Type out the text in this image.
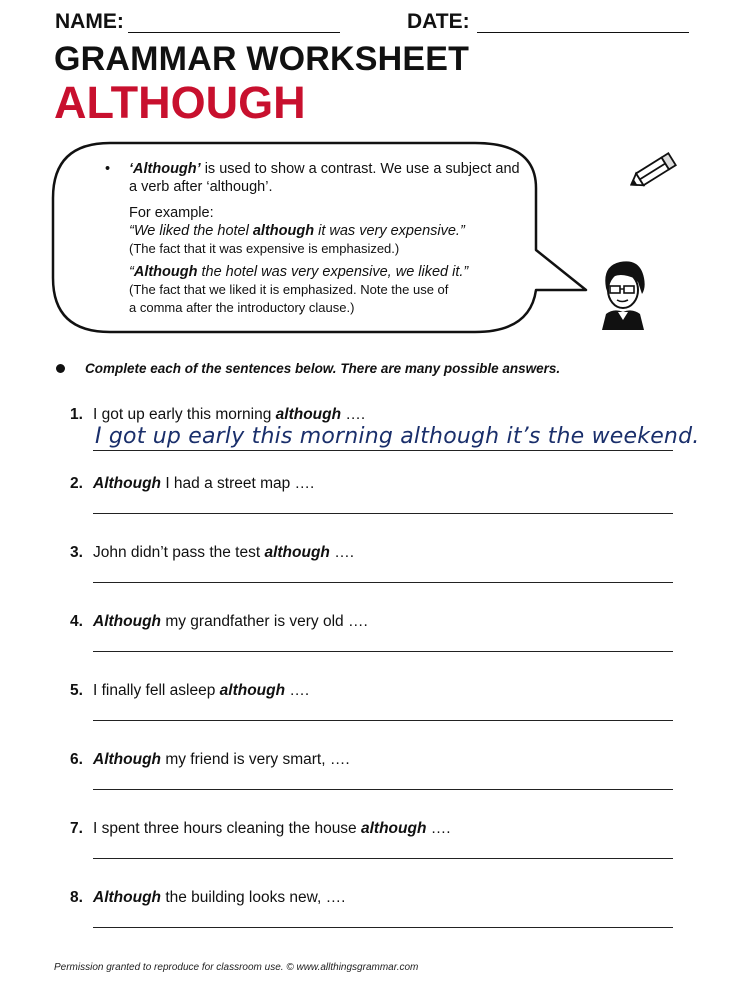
NAME:	DATE:
GRAMMAR WORKSHEET
ALTHOUGH
• ‘Although’ is used to show a contrast. We use a subject and a verb after ‘although’.
For example:
“We liked the hotel although it was very expensive.”
(The fact that it was expensive is emphasized.)
“Although the hotel was very expensive, we liked it.”
(The fact that we liked it is emphasized. Note the use of
a comma after the introductory clause.)
Complete each of the sentences below. There are many possible answers.
1. I got up early this morning although ….
I got up early this morning although it’s the weekend.
2. Although I had a street map ….
3. John didn’t pass the test although ….
4. Although my grandfather is very old ….
5. I finally fell asleep although ….
6. Although my friend is very smart, ….
7. I spent three hours cleaning the house although ….
8. Although the building looks new, ….
Permission granted to reproduce for classroom use. © www.allthingsgrammar.com
